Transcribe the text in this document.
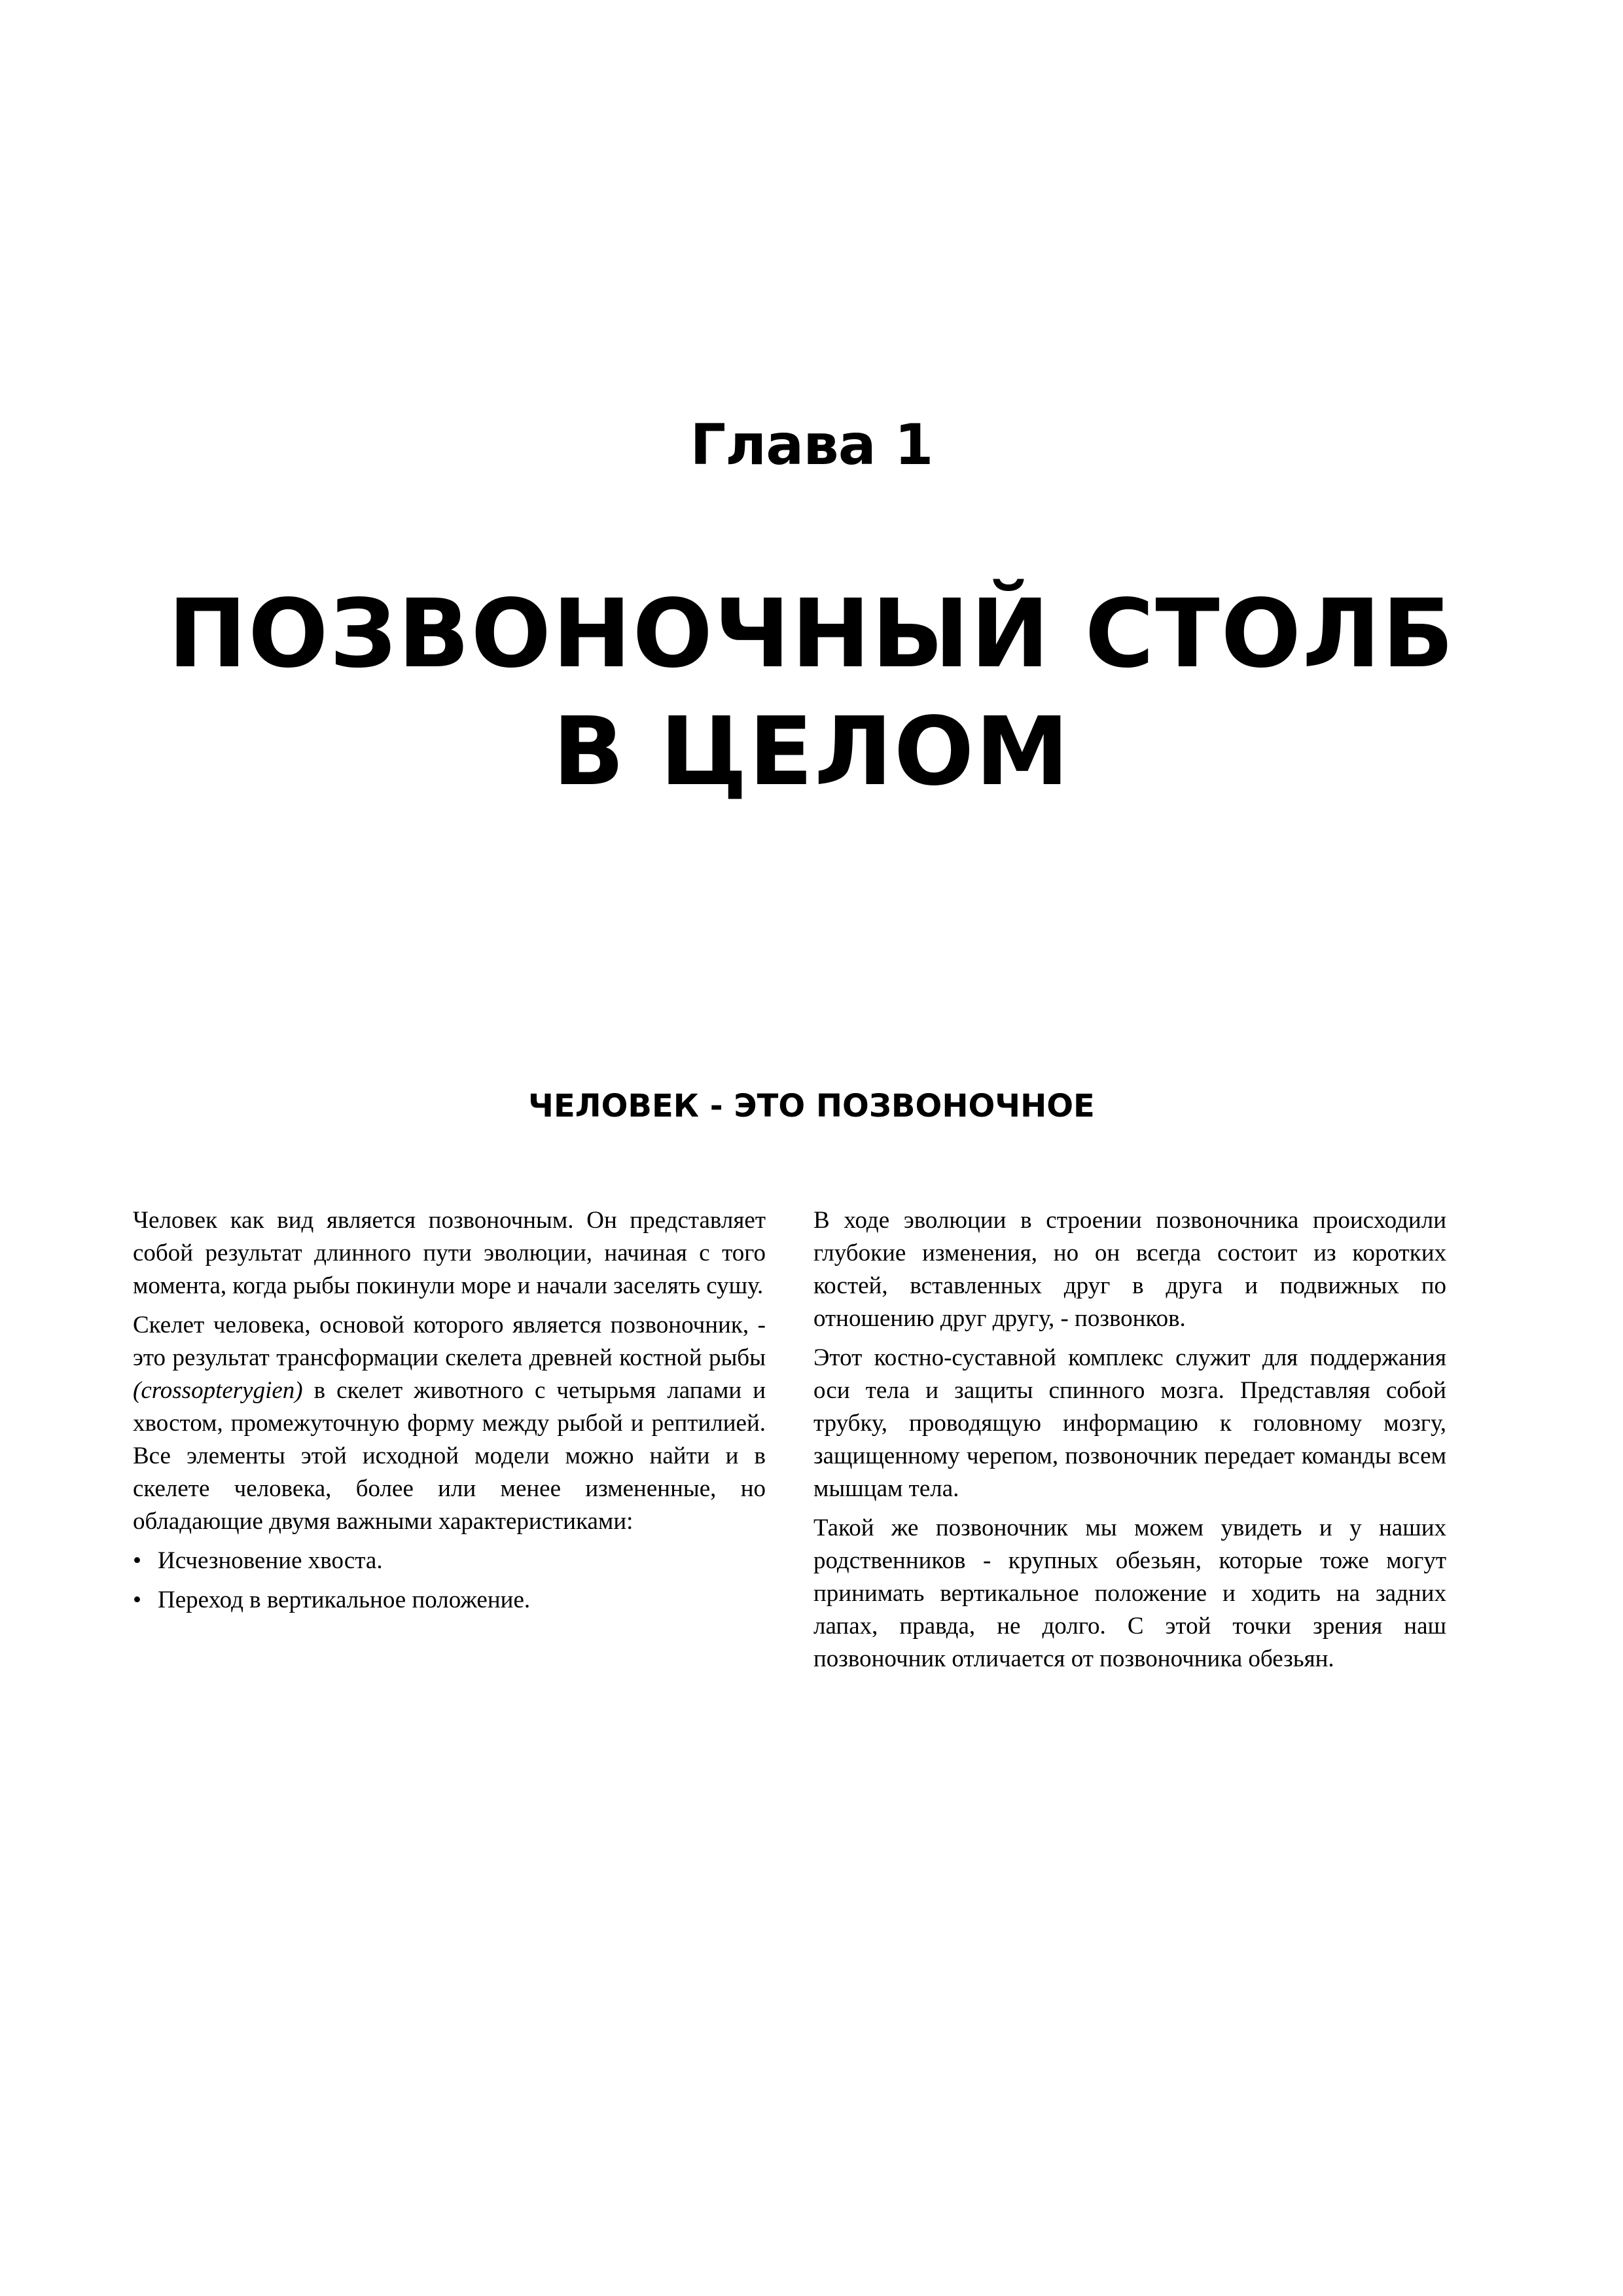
Глава 1
ПОЗВОНОЧНЫЙ СТОЛБ
В ЦЕЛОМ
ЧЕЛОВЕК - ЭТО ПОЗВОНОЧНОЕ

Человек как вид является позвоночным. Он представляет собой результат длинного пути эволюции, начиная с того момента, когда рыбы покинули море и начали заселять сушу.

Скелет человека, основой которого является позвоночник, - это результат трансформации скелета древней костной рыбы (crossopterygien) в скелет животного с четырьмя лапами и хвостом, промежуточную форму между рыбой и рептилией. Все элементы этой исходной модели можно найти и в скелете человека, более или менее измененные, но обладающие двумя важными характеристиками:

• Исчезновение хвоста.
• Переход в вертикальное положение.

В ходе эволюции в строении позвоночника происходили глубокие изменения, но он всегда состоит из коротких костей, вставленных друг в друга и подвижных по отношению друг другу, - позвонков.

Этот костно-суставной комплекс служит для поддержания оси тела и защиты спинного мозга. Представляя собой трубку, проводящую информацию к головному мозгу, защищенному черепом, позвоночник передает команды всем мышцам тела.

Такой же позвоночник мы можем увидеть и у наших родственников - крупных обезьян, которые тоже могут принимать вертикальное положение и ходить на задних лапах, правда, не долго. С этой точки зрения наш позвоночник отличается от позвоночника обезьян.
